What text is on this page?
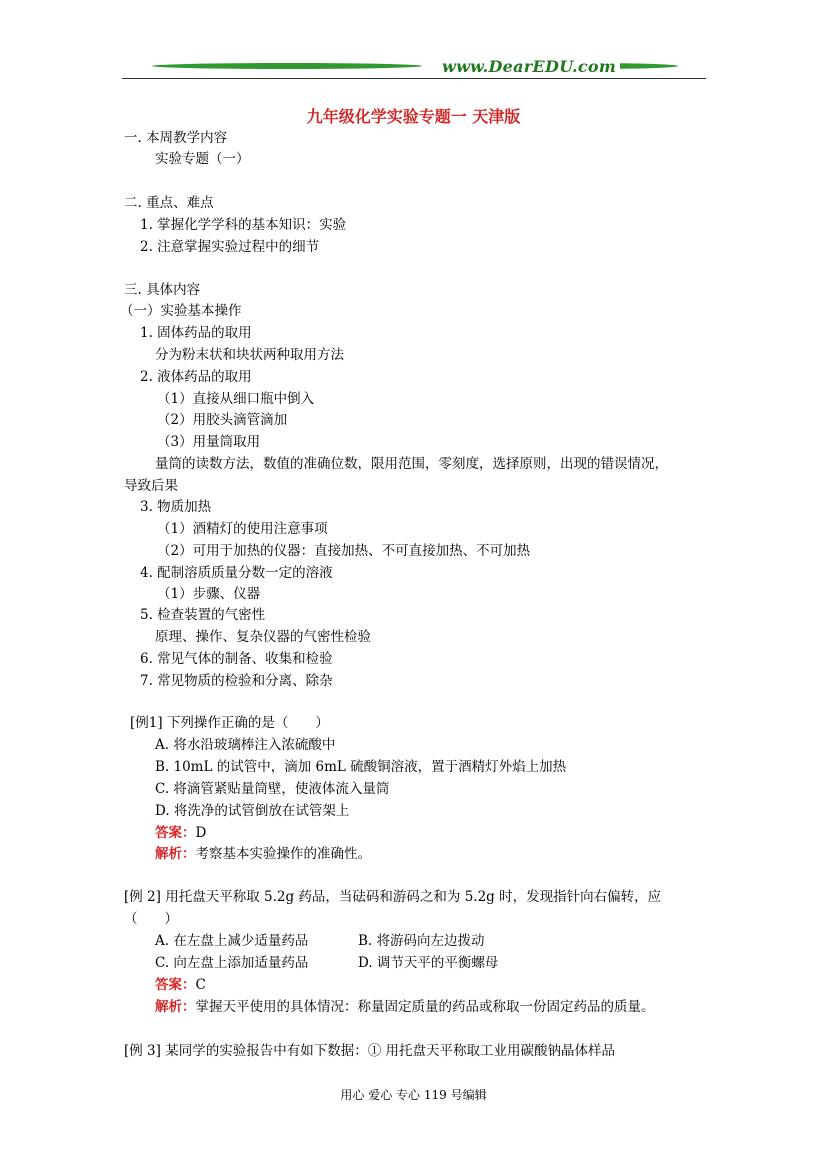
www.DearEDU.com
九年级化学实验专题一 天津版
一. 本周教学内容
实验专题（一）
二. 重点、难点
1. 掌握化学学科的基本知识：实验
2. 注意掌握实验过程中的细节
三. 具体内容
（一）实验基本操作
1. 固体药品的取用
分为粉末状和块状两种取用方法
2. 液体药品的取用
（1）直接从细口瓶中倒入
（2）用胶头滴管滴加
（3）用量筒取用
量筒的读数方法，数值的准确位数，限用范围，零刻度，选择原则，出现的错误情况，
导致后果
3. 物质加热
（1）酒精灯的使用注意事项
（2）可用于加热的仪器：直接加热、不可直接加热、不可加热
4. 配制溶质质量分数一定的溶液
（1）步骤、仪器
5. 检查装置的气密性
原理、操作、复杂仪器的气密性检验
6. 常见气体的制备、收集和检验
7. 常见物质的检验和分离、除杂
[例1] 下列操作正确的是（　　）
A. 将水沿玻璃棒注入浓硫酸中
B. 10mL 的试管中，滴加 6mL 硫酸铜溶液，置于酒精灯外焰上加热
C. 将滴管紧贴量筒壁，使液体流入量筒
D. 将洗净的试管倒放在试管架上
答案：D
解析：考察基本实验操作的准确性。
[例 2] 用托盘天平称取 5.2g 药品，当砝码和游码之和为 5.2g 时，发现指针向右偏转，应
（　　）
A. 在左盘上减少适量药品	B. 将游码向左边拨动
C. 向左盘上添加适量药品	D. 调节天平的平衡螺母
答案：C
解析：掌握天平使用的具体情况：称量固定质量的药品或称取一份固定药品的质量。
[例 3] 某同学的实验报告中有如下数据：① 用托盘天平称取工业用碳酸钠晶体样品
用心 爱心 专心 119 号编辑
